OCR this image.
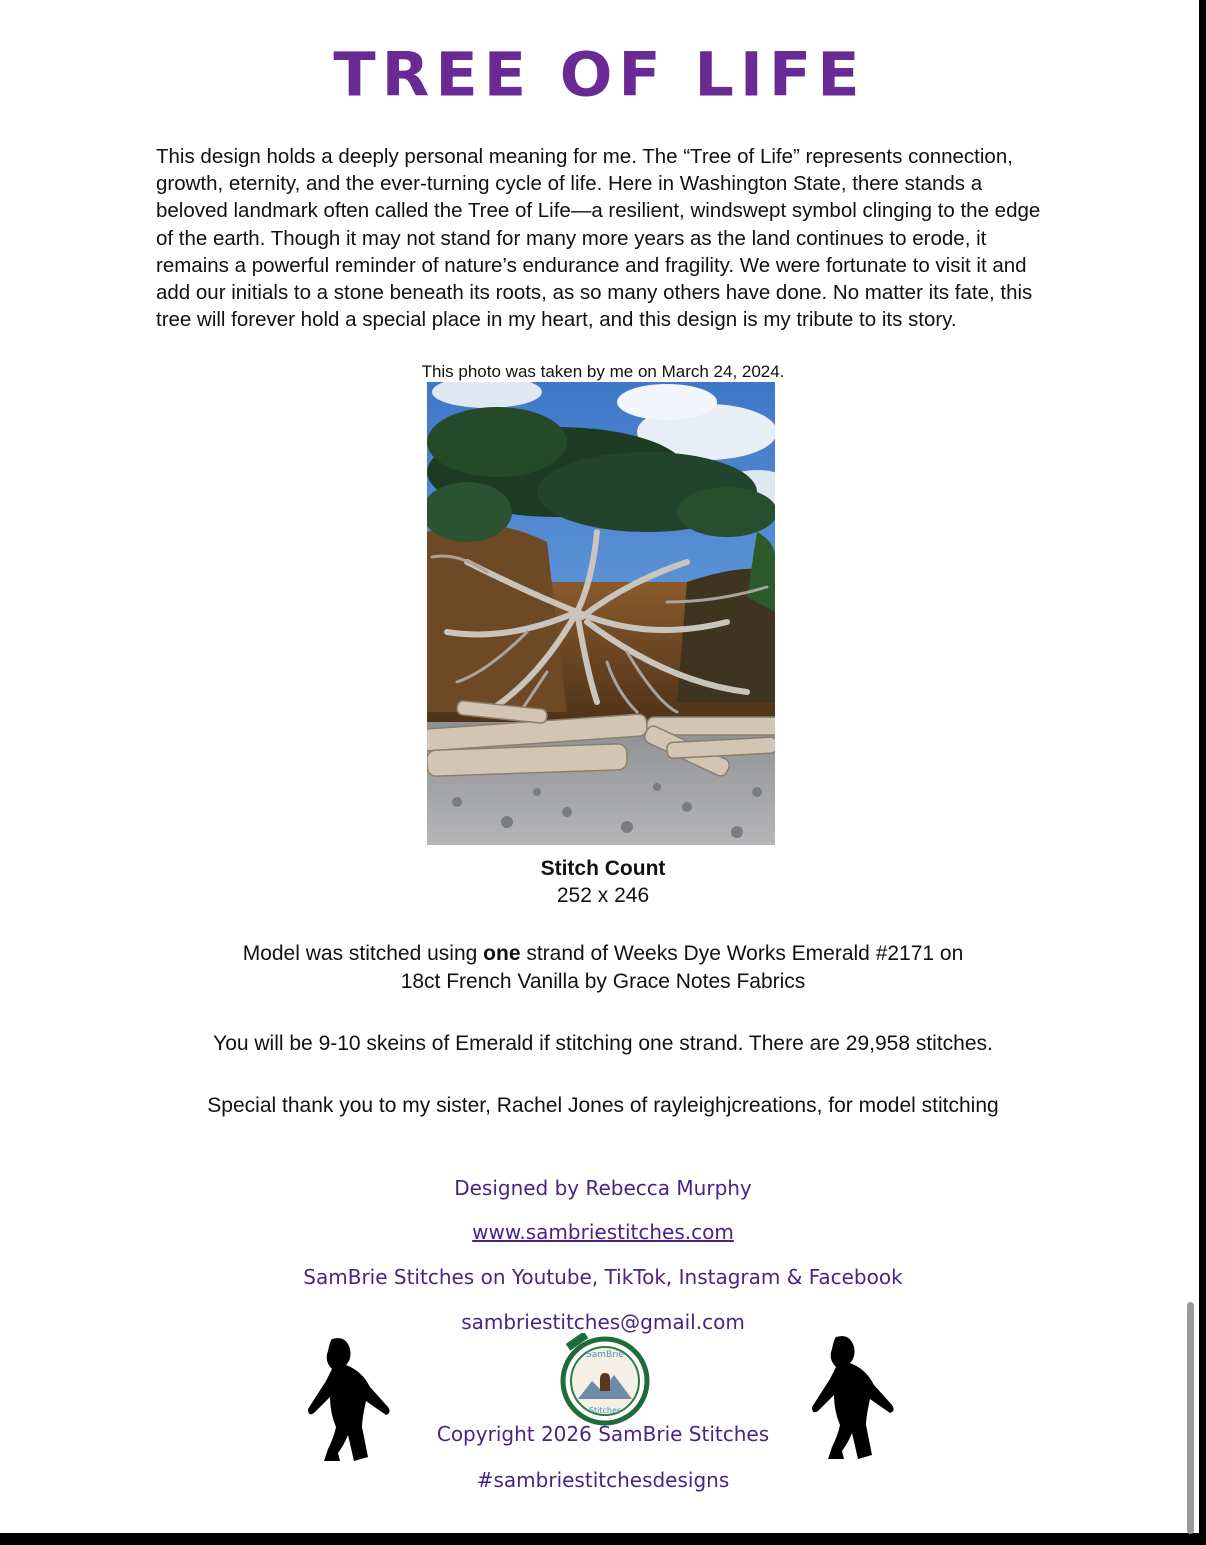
TREE OF LIFE
This design holds a deeply personal meaning for me. The “Tree of Life” represents connection, growth, eternity, and the ever-turning cycle of life. Here in Washington State, there stands a beloved landmark often called the Tree of Life—a resilient, windswept symbol clinging to the edge of the earth. Though it may not stand for many more years as the land continues to erode, it remains a powerful reminder of nature’s endurance and fragility. We were fortunate to visit it and add our initials to a stone beneath its roots, as so many others have done. No matter its fate, this tree will forever hold a special place in my heart, and this design is my tribute to its story.
This photo was taken by me on March 24, 2024.
Stitch Count
252 x 246
Model was stitched using one strand of Weeks Dye Works Emerald #2171 on
18ct French Vanilla by Grace Notes Fabrics
You will be 9-10 skeins of Emerald if stitching one strand. There are 29,958 stitches.
Special thank you to my sister, Rachel Jones of rayleighjcreations, for model stitching
Designed by Rebecca Murphy
www.sambriestitches.com
SamBrie Stitches on Youtube, TikTok, Instagram & Facebook
sambriestitches@gmail.com
SamBrie
Stitches
Copyright 2026 SamBrie Stitches
#sambriestitchesdesigns
